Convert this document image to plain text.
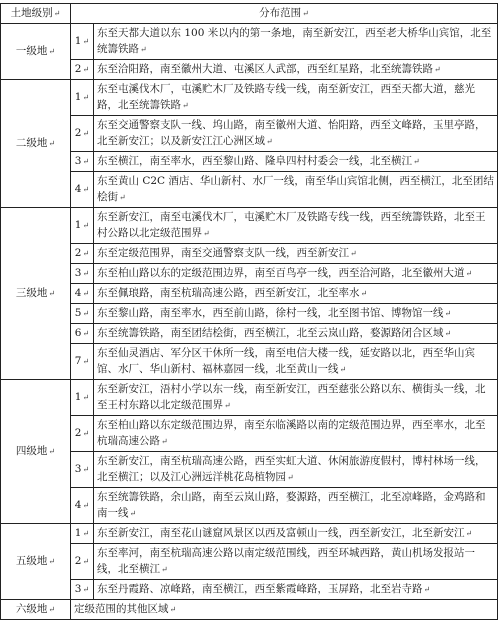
土地级别↵	分布范围↵	
一级地↵	1↵	东至天都大道以东 100 米以内的第一条地，南至新安江，西至老大桥华山宾馆，北至统籌铁路↵
	2↵	东至洽阳路，南至徽州大道、屯溪区人武部，西至红星路，北至统籌铁路↵
二级地↵	1↵	东至屯溪伐木厂，屯溪贮木厂及铁路专线一线，南至新安江，西至天都大道，慈光路，北至统籌铁路↵
	2↵	东至交通警察支队一线、坞山路，南至徽州大道、怡阳路，西至文峰路，玉里亭路，北至新安江；以及新安江江心洲区域↵
	3↵	东至横江，南至率水，西至黎山路、隆阜四村村委会一线，北至横江↵
	4↵	东至黄山 C2C 酒店、华山新村、水厂一线，南至华山宾馆北侧，西至横江，北至团结桧街↵
三级地↵	1↵	东至新安江，南至屯溪伐木厂，屯溪贮木厂及铁路专线一线，西至统籌铁路，北至王村公路以北定级范围界↵
	2↵	东至定级范围界，南至交通警察支队一线，西至新安江↵
	3↵	东至柏山路以东的定级范围边界，南至百鸟亭一线，西至洽河路，北至徽州大道↵
	4↵	东至佩琅路，南至杭瑞高速公路，西至新安江，北至率水↵
	5↵	东至黎山路，南至率水，西至前山路，徐村一线，北至图书馆、博物馆一线↵
	6↵	东至统籌铁路，南至团结桧街，西至横江，北至云岚山路，婺源路闭合区域↵
	7↵	东至仙灵酒店、军分区干休所一线，南至电信大楼一线，延安路以北，西至华山宾馆、水厂、华山新村、福林嘉园一线，北至黄山一线↵
四级地↵	1↵	东至新安江，浯村小学以东一线，南至新安江，西至慈张公路以东、横街头一线，北至王村东路以北定级范围界↵
	2↵	东至柏山路以东定级范围边界，南至东临溪路以南的定级范围边界，西至率水，北至杭瑞高速公路↵
	3↵	东至新安江，南至杭瑞高速公路，西至实虹大道、休闲旅游度假村，博村林场一线，北至横江；以及江心洲远洋桃花岛植物园↵
	4↵	东至统籌铁路，余山路，南至云岚山路，婺源路，西至横江，北至凉峰路，金鸡路和南一线↵
五级地↵	1↵	东至新安江，南至花山谜窟风景区以西及富顿山一线，西至新安江，北至新安江↵
	2↵	东至率河，南至杭瑞高速公路以南定级范围线，西至环城西路，黄山机场发报站一线，北至横江↵
	3↵	东至丹霞路、凉峰路，南至横江，西至紫霞峰路，玉屏路，北至岩寺路↵
六级地↵	定级范围的其他区域↵	
